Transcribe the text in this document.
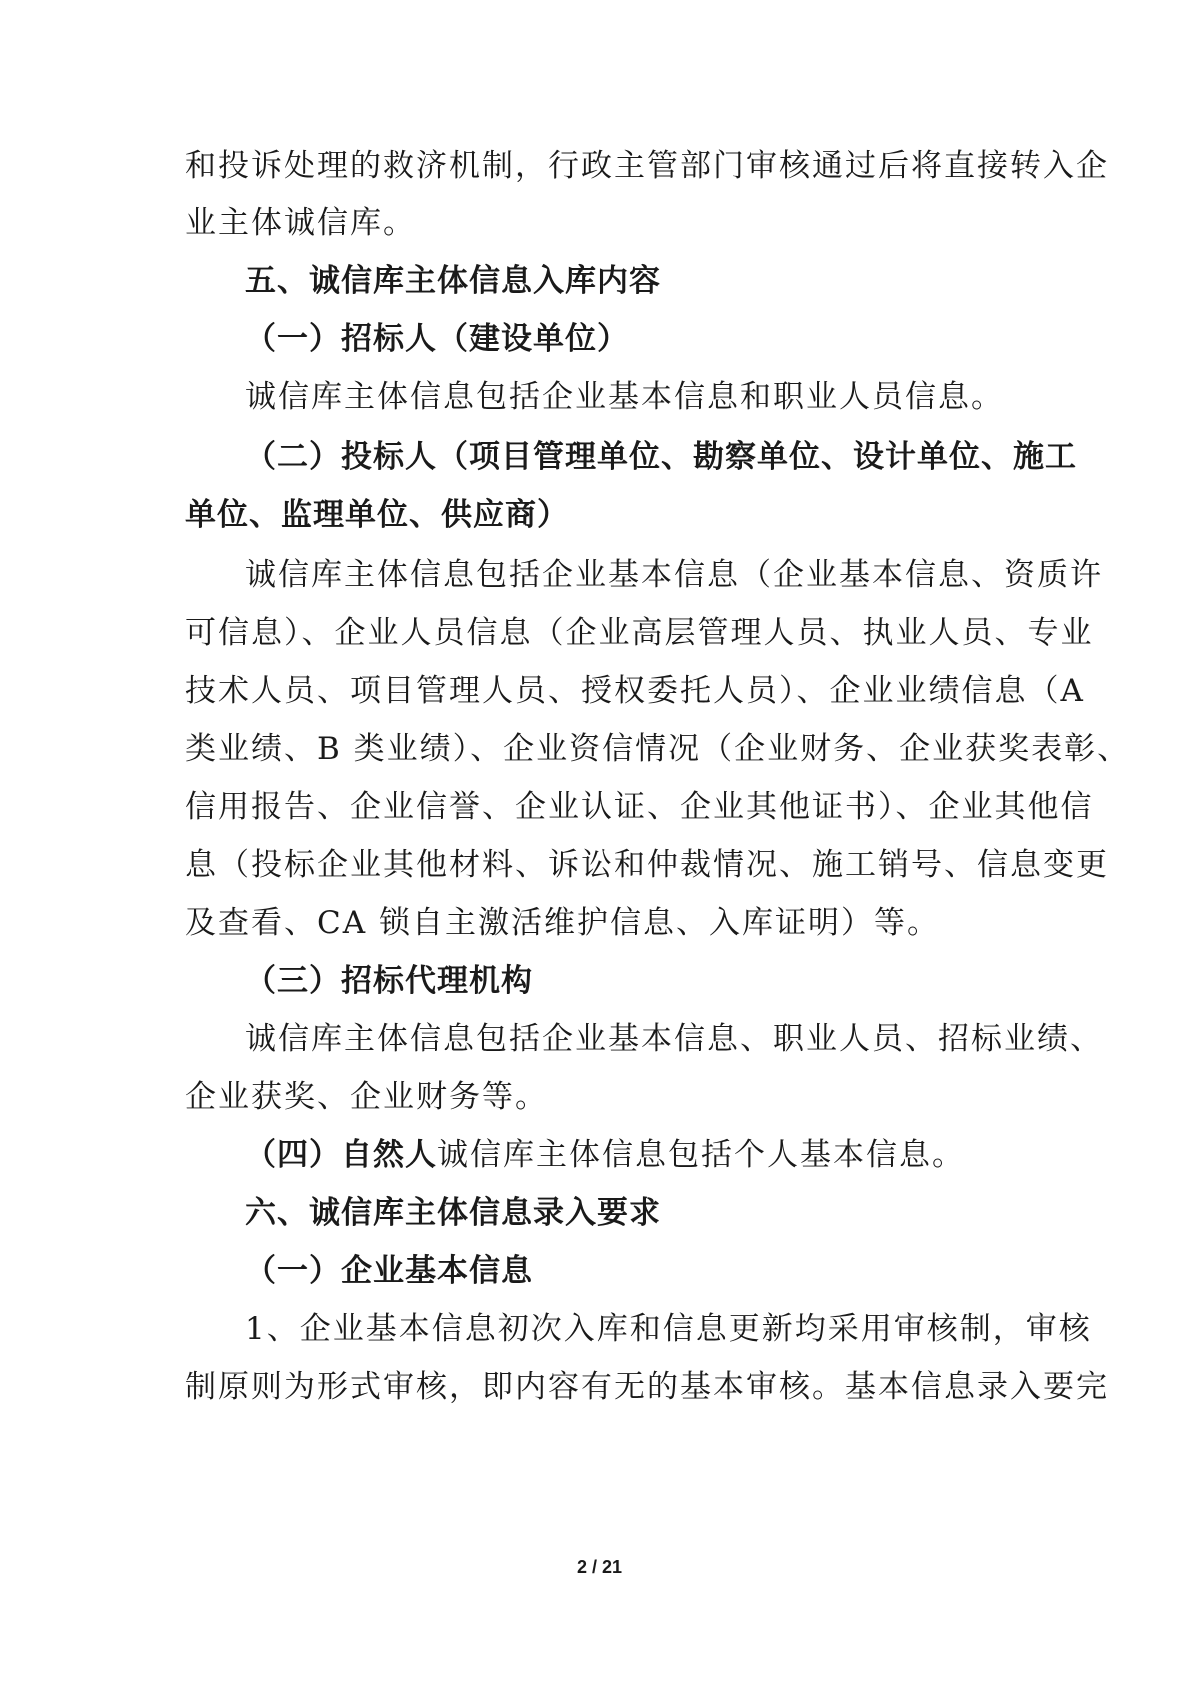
和投诉处理的救济机制，行政主管部门审核通过后将直接转入企
业主体诚信库。
五、诚信库主体信息入库内容
（一）招标人（建设单位）
诚信库主体信息包括企业基本信息和职业人员信息。
（二）投标人（项目管理单位、勘察单位、设计单位、施工
单位、监理单位、供应商）
诚信库主体信息包括企业基本信息（企业基本信息、资质许
可信息）、企业人员信息（企业高层管理人员、执业人员、专业
技术人员、项目管理人员、授权委托人员）、企业业绩信息（A
类业绩、B 类业绩）、企业资信情况（企业财务、企业获奖表彰、
信用报告、企业信誉、企业认证、企业其他证书）、企业其他信
息（投标企业其他材料、诉讼和仲裁情况、施工销号、信息变更
及查看、CA 锁自主激活维护信息、入库证明）等。
（三）招标代理机构
诚信库主体信息包括企业基本信息、职业人员、招标业绩、
企业获奖、企业财务等。
（四）自然人诚信库主体信息包括个人基本信息。
六、诚信库主体信息录入要求
（一）企业基本信息
1、企业基本信息初次入库和信息更新均采用审核制，审核
制原则为形式审核，即内容有无的基本审核。基本信息录入要完
2 / 21
